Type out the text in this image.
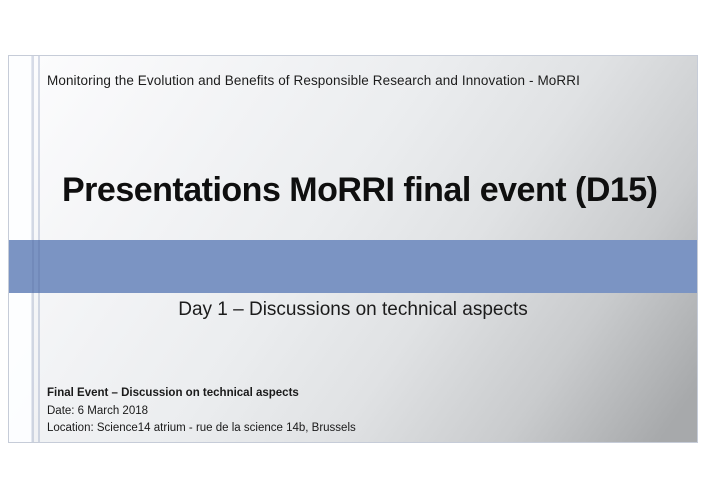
Monitoring the Evolution and Benefits of Responsible Research and Innovation - MoRRI
Presentations MoRRI final event (D15)
Day 1 – Discussions on technical aspects
Final Event – Discussion on technical aspects
Date: 6 March 2018
Location: Science14 atrium - rue de la science 14b, Brussels
